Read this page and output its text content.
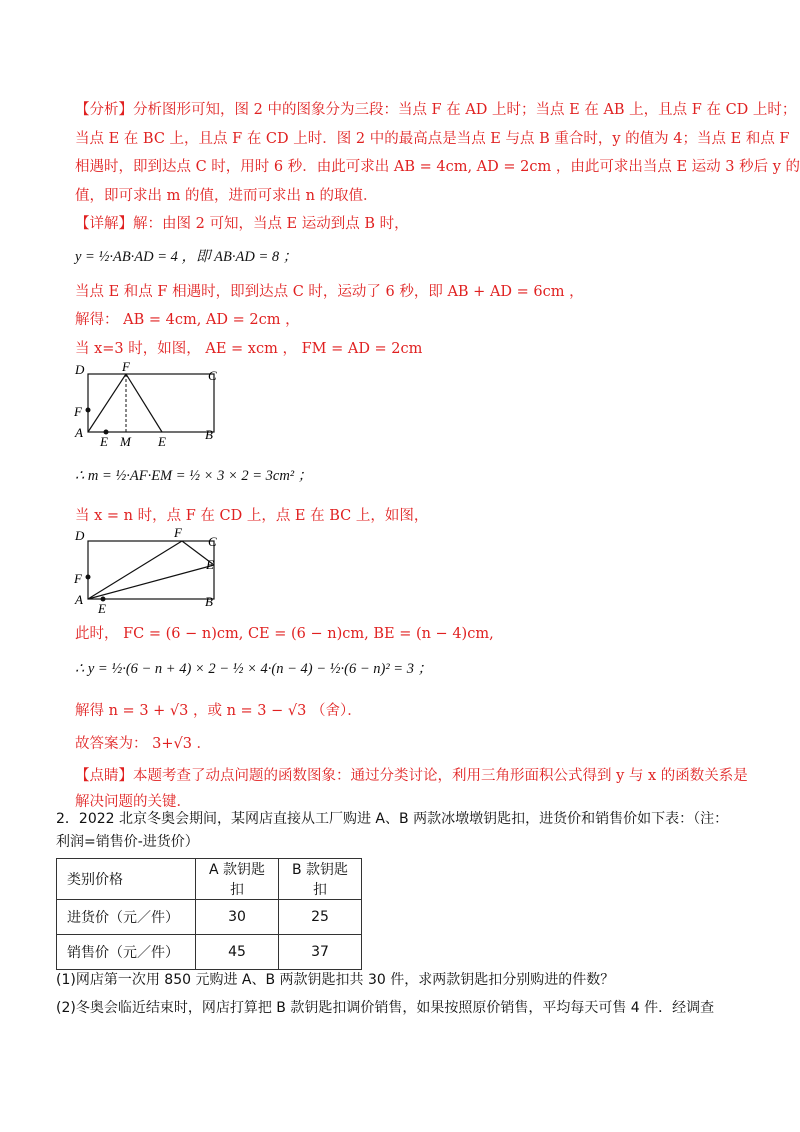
【分析】分析图形可知，图 2 中的图象分为三段：当点 F 在 AD 上时；当点 E 在 AB 上，且点 F 在 CD 上时；
当点 E 在 BC 上，且点 F 在 CD 上时．图 2 中的最高点是当点 E 与点 B 重合时，y 的值为 4；当点 E 和点 F
相遇时，即到达点 C 时，用时 6 秒．由此可求出 AB = 4cm, AD = 2cm ，由此可求出当点 E 运动 3 秒后 y 的
值，即可求出 m 的值，进而可求出 n 的取值．
【详解】解：由图 2 可知，当点 E 运动到点 B 时，
y = ½·AB·AD = 4 ，即 AB·AD = 8 ；
当点 E 和点 F 相遇时，即到达点 C 时，运动了 6 秒，即 AB + AD = 6cm ，
解得： AB = 4cm, AD = 2cm ，
当 x=3 时，如图， AE = xcm ， FM = AD = 2cm
D	F
C
F
A
E M E	B
∴ m = ½·AF·EM = ½ × 3 × 2 = 3cm² ；
当 x = n 时，点 F 在 CD 上，点 E 在 BC 上，如图，
D	F
C
E
F
A
E	B
此时， FC = (6 − n)cm, CE = (6 − n)cm, BE = (n − 4)cm,
∴ y = ½·(6 − n + 4) × 2 − ½ × 4·(n − 4) − ½·(6 − n)² = 3 ；
解得 n = 3 + √3 ，或 n = 3 − √3 （舍）．
故答案为： 3+√3 ．
【点睛】本题考查了动点问题的函数图象：通过分类讨论，利用三角形面积公式得到 y 与 x 的函数关系是
解决问题的关键．
2．2022 北京冬奥会期间，某网店直接从工厂购进 A、B 两款冰墩墩钥匙扣，进货价和销售价如下表：（注：
利润=销售价-进货价）
类别价格	A 款钥匙扣	B 款钥匙扣
进货价（元／件）	30	25
销售价（元／件）	45	37
(1)网店第一次用 850 元购进 A、B 两款钥匙扣共 30 件，求两款钥匙扣分别购进的件数？
(2)冬奥会临近结束时，网店打算把 B 款钥匙扣调价销售，如果按照原价销售，平均每天可售 4 件．经调查
